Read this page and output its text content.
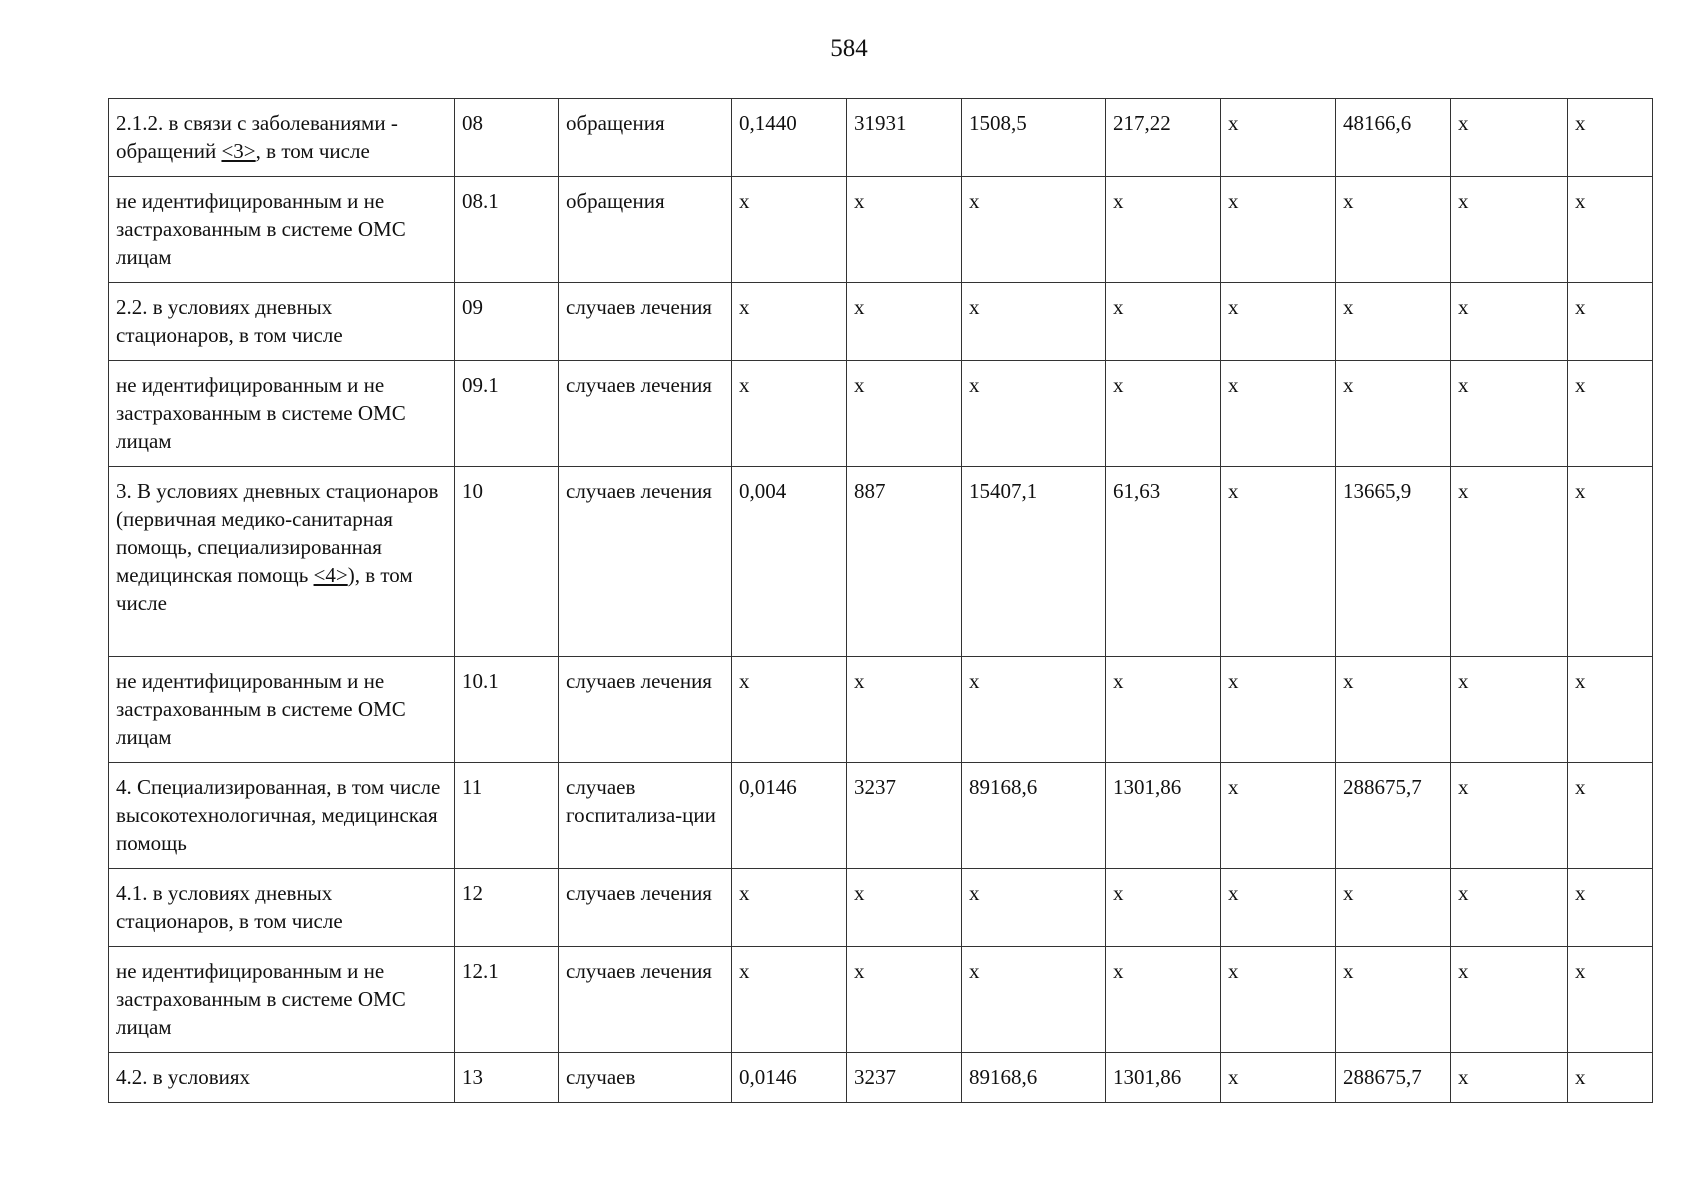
584
2.1.2. в связи с заболеваниями - обращений <3>, в том числе	08	обращения	0,1440	31931	1508,5	217,22	х	48166,6	х	х
не идентифицированным и не застрахованным в системе ОМС лицам	08.1	обращения	х	х	х	х	х	х	х	х
2.2. в условиях дневных стационаров, в том числе	09	случаев лечения	х	х	х	х	х	х	х	х
не идентифицированным и не застрахованным в системе ОМС лицам	09.1	случаев лечения	х	х	х	х	х	х	х	х
3. В условиях дневных стационаров (первичная медико-санитарная помощь, специализированная медицинская помощь <4>), в том числе	10	случаев лечения	0,004	887	15407,1	61,63	х	13665,9	х	х
не идентифицированным и не застрахованным в системе ОМС лицам	10.1	случаев лечения	х	х	х	х	х	х	х	х
4. Специализированная, в том числе высокотехнологичная, медицинская помощь	11	случаев госпитализа-ции	0,0146	3237	89168,6	1301,86	х	288675,7	х	х
4.1. в условиях дневных стационаров, в том числе	12	случаев лечения	х	х	х	х	х	х	х	х
не идентифицированным и не застрахованным в системе ОМС лицам	12.1	случаев лечения	х	х	х	х	х	х	х	х
4.2. в условиях	13	случаев	0,0146	3237	89168,6	1301,86	х	288675,7	х	х
